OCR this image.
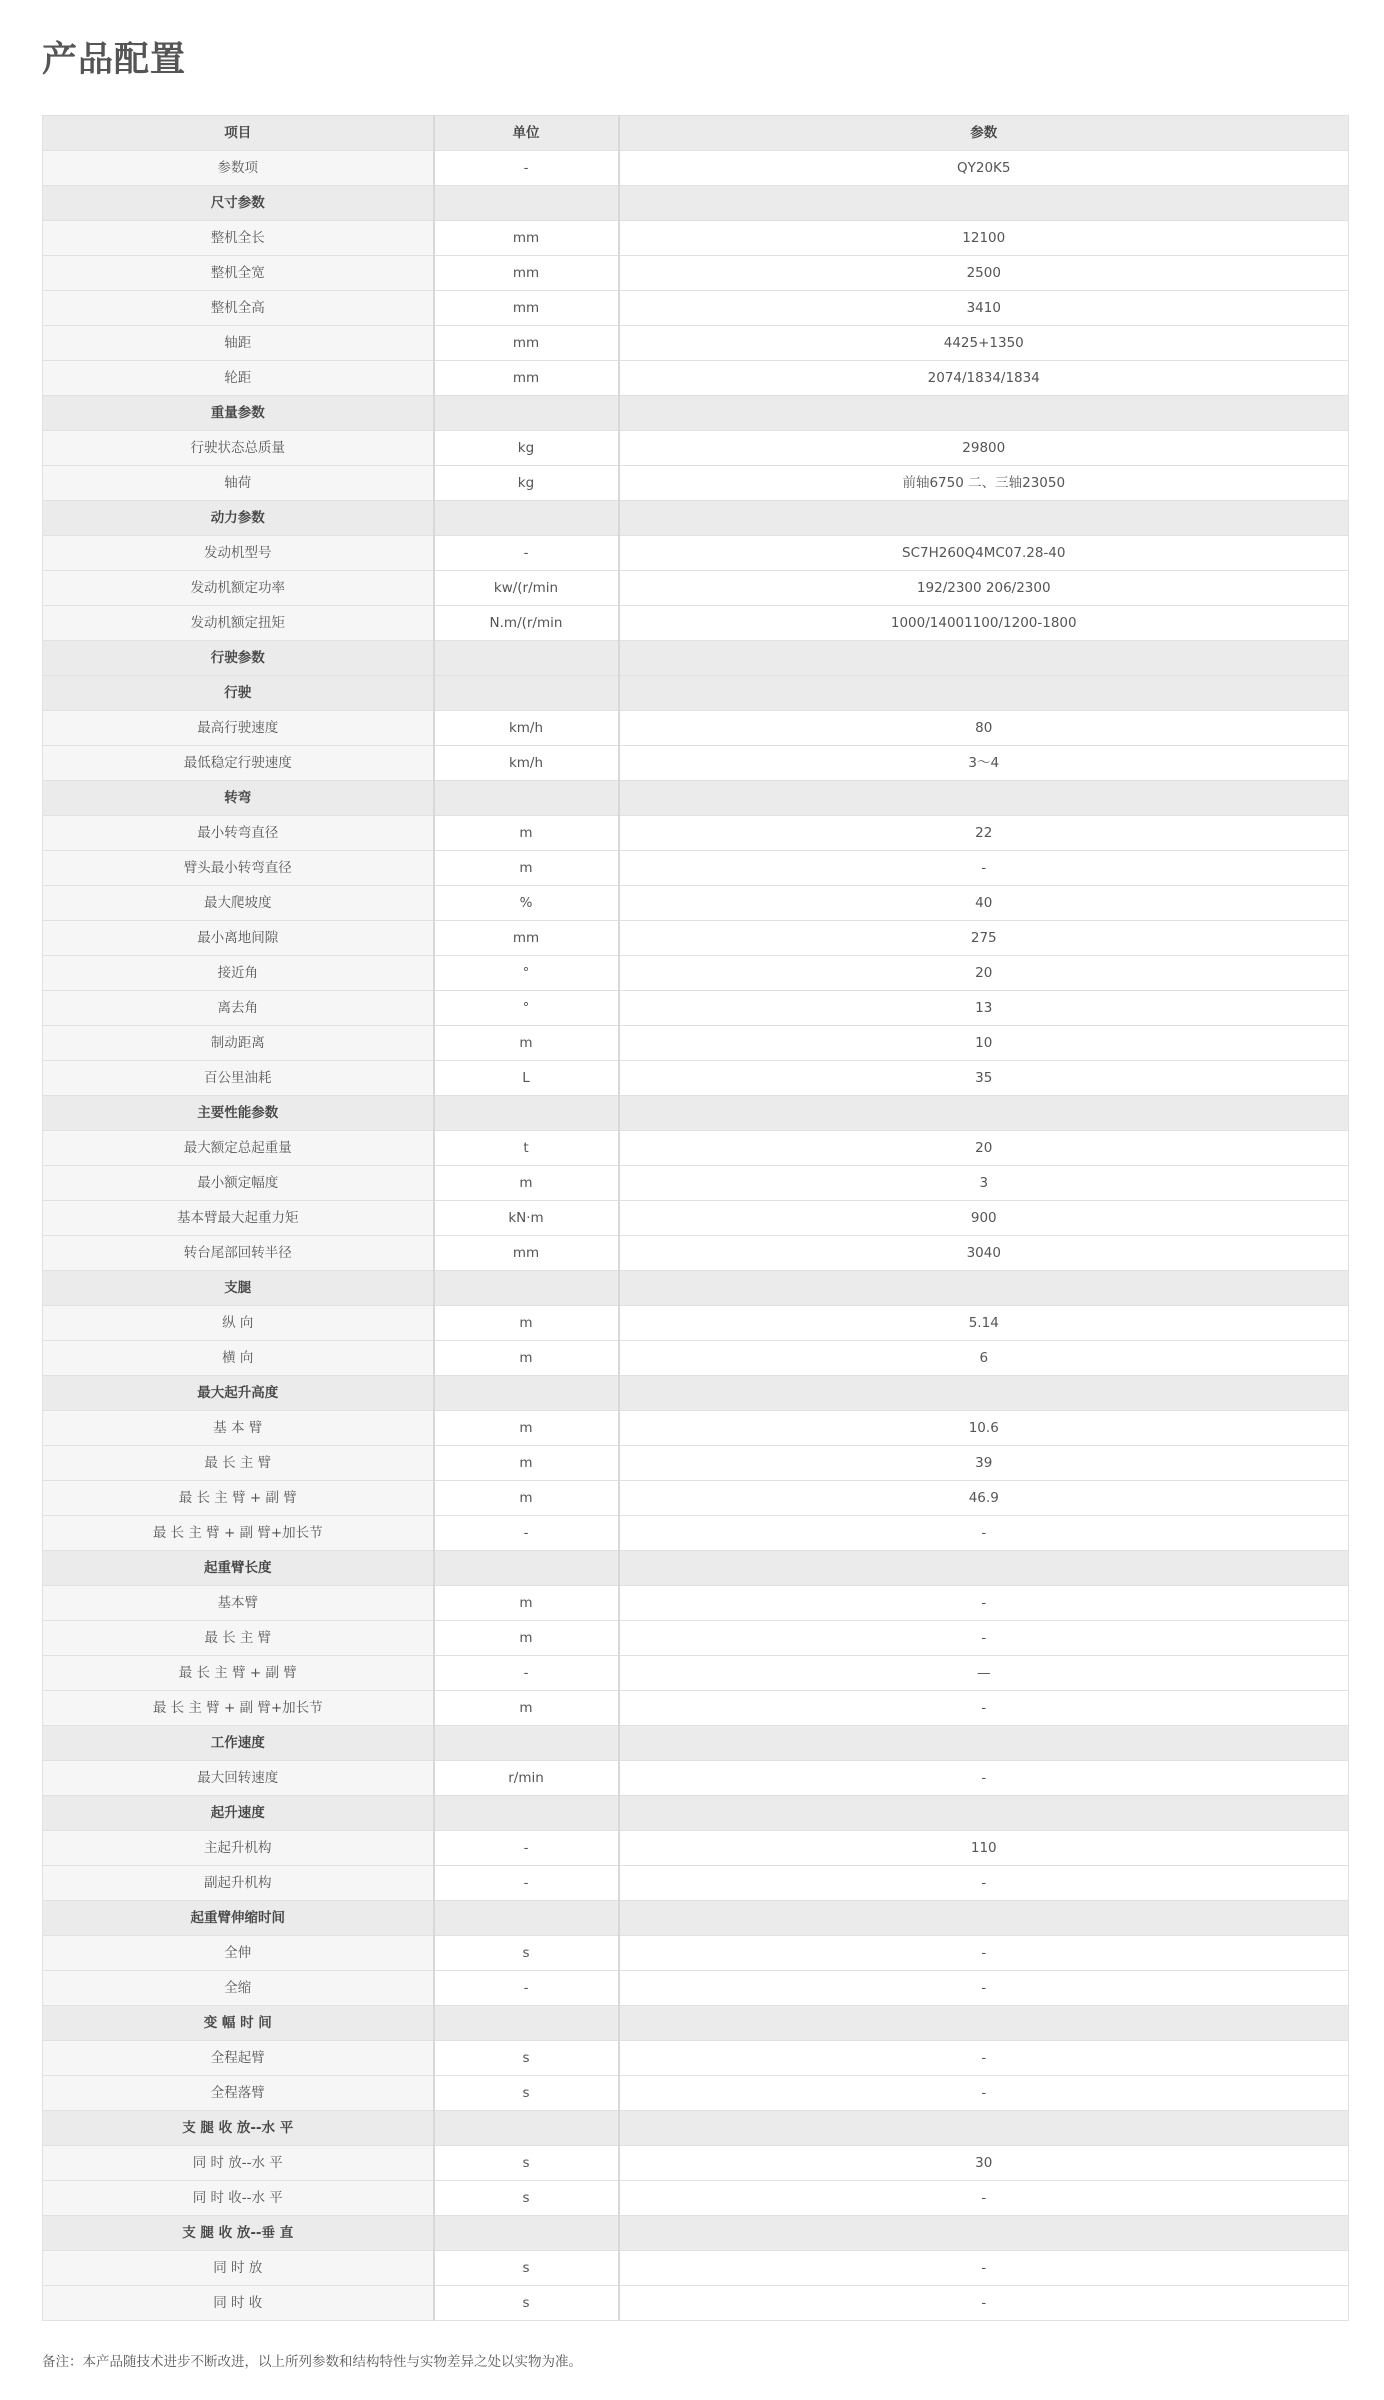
产品配置
项目	单位	参数
参数项	-	QY20K5
尺寸参数		
整机全长	mm	12100
整机全宽	mm	2500
整机全高	mm	3410
轴距	mm	4425+1350
轮距	mm	2074/1834/1834
重量参数		
行驶状态总质量	kg	29800
轴荷	kg	前轴6750 二、三轴23050
动力参数		
发动机型号	-	SC7H260Q4MC07.28-40
发动机额定功率	kw/(r/min	192/2300 206/2300
发动机额定扭矩	N.m/(r/min	1000/14001100/1200-1800
行驶参数		
行驶		
最高行驶速度	km/h	80
最低稳定行驶速度	km/h	3～4
转弯		
最小转弯直径	m	22
臂头最小转弯直径	m	-
最大爬坡度	%	40
最小离地间隙	mm	275
接近角	°	20
离去角	°	13
制动距离	m	10
百公里油耗	L	35
主要性能参数		
最大额定总起重量	t	20
最小额定幅度	m	3
基本臂最大起重力矩	kN·m	900
转台尾部回转半径	mm	3040
支腿		
纵 向	m	5.14
横 向	m	6
最大起升高度		
基 本 臂	m	10.6
最 长 主 臂	m	39
最 长 主 臂 + 副 臂	m	46.9
最 长 主 臂 + 副 臂+加长节	-	-
起重臂长度		
基本臂	m	-
最 长 主 臂	m	-
最 长 主 臂 + 副 臂	-	—
最 长 主 臂 + 副 臂+加长节	m	-
工作速度		
最大回转速度	r/min	-
起升速度		
主起升机构	-	110
副起升机构	-	-
起重臂伸缩时间		
全伸	s	-
全缩	-	-
变 幅 时 间		
全程起臂	s	-
全程落臂	s	-
支 腿 收 放--水 平		
同 时 放--水 平	s	30
同 时 收--水 平	s	-
支 腿 收 放--垂 直		
同 时 放	s	-
同 时 收	s	-
备注：本产品随技术进步不断改进，以上所列参数和结构特性与实物差异之处以实物为准。
